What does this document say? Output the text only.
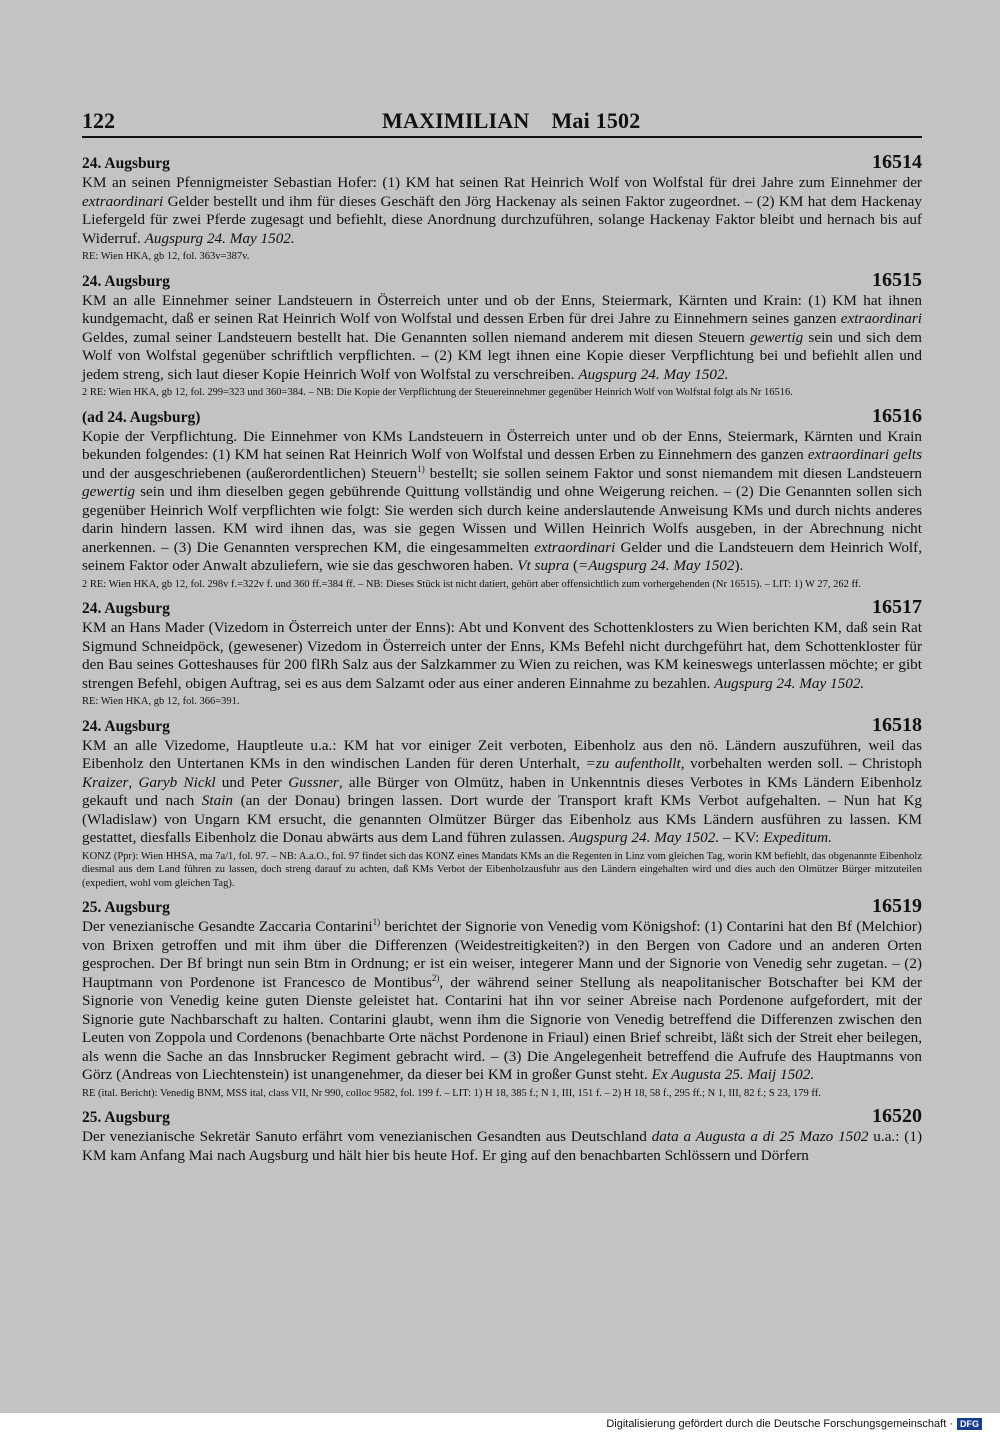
122	MAXIMILIAN Mai 1502
24. Augsburg	16514
KM an seinen Pfennigmeister Sebastian Hofer: (1) KM hat seinen Rat Heinrich Wolf von Wolfstal für drei Jahre zum Einnehmer der extraordinari Gelder bestellt und ihm für dieses Geschäft den Jörg Hackenay als seinen Faktor zugeordnet. – (2) KM hat dem Hackenay Liefergeld für zwei Pferde zugesagt und befiehlt, diese Anordnung durchzuführen, solange Hackenay Faktor bleibt und hernach bis auf Widerruf. Augspurg 24. May 1502.
RE: Wien HKA, gb 12, fol. 363v=387v.
24. Augsburg	16515
KM an alle Einnehmer seiner Landsteuern in Österreich unter und ob der Enns, Steiermark, Kärnten und Krain: (1) KM hat ihnen kundgemacht, daß er seinen Rat Heinrich Wolf von Wolfstal und dessen Erben für drei Jahre zu Einnehmern seines ganzen extraordinari Geldes, zumal seiner Landsteuern bestellt hat. Die Genannten sollen niemand anderem mit diesen Steuern gewertig sein und sich dem Wolf von Wolfstal gegenüber schriftlich verpflichten. – (2) KM legt ihnen eine Kopie dieser Verpflichtung bei und befiehlt allen und jedem streng, sich laut dieser Kopie Heinrich Wolf von Wolfstal zu verschreiben. Augspurg 24. May 1502.
2 RE: Wien HKA, gb 12, fol. 299=323 und 360=384. – NB: Die Kopie der Verpflichtung der Steuereinnehmer gegenüber Heinrich Wolf von Wolfstal folgt als Nr 16516.
(ad 24. Augsburg)	16516
Kopie der Verpflichtung. Die Einnehmer von KMs Landsteuern in Österreich unter und ob der Enns, Steiermark, Kärnten und Krain bekunden folgendes: (1) KM hat seinen Rat Heinrich Wolf von Wolfstal und dessen Erben zu Einnehmern des ganzen extraordinari gelts und der ausgeschriebenen (außerordentlichen) Steuern$^{1)}$ bestellt; sie sollen seinem Faktor und sonst niemandem mit diesen Landsteuern gewertig sein und ihm dieselben gegen gebührende Quittung vollständig und ohne Weigerung reichen. – (2) Die Genannten sollen sich gegenüber Heinrich Wolf verpflichten wie folgt: Sie werden sich durch keine anderslautende Anweisung KMs und durch nichts anderes darin hindern lassen. KM wird ihnen das, was sie gegen Wissen und Willen Heinrich Wolfs ausgeben, in der Abrechnung nicht anerkennen. – (3) Die Genannten versprechen KM, die eingesammelten extraordinari Gelder und die Landsteuern dem Heinrich Wolf, seinem Faktor oder Anwalt abzuliefern, wie sie das geschworen haben. Vt supra (=Augspurg 24. May 1502).
2 RE: Wien HKA, gb 12, fol. 298v f.=322v f. und 360 ff.=384 ff. – NB: Dieses Stück ist nicht datiert, gehört aber offensichtlich zum vorhergehenden (Nr 16515). – LIT: 1) W 27, 262 ff.
24. Augsburg	16517
KM an Hans Mader (Vizedom in Österreich unter der Enns): Abt und Konvent des Schottenklosters zu Wien berichten KM, daß sein Rat Sigmund Schneidpöck, (gewesener) Vizedom in Österreich unter der Enns, KMs Befehl nicht durchgeführt hat, dem Schottenkloster für den Bau seines Gotteshauses für 200 flRh Salz aus der Salzkammer zu Wien zu reichen, was KM keineswegs unterlassen möchte; er gibt strengen Befehl, obigen Auftrag, sei es aus dem Salzamt oder aus einer anderen Einnahme zu bezahlen. Augspurg 24. May 1502.
RE: Wien HKA, gb 12, fol. 366=391.
24. Augsburg	16518
KM an alle Vizedome, Hauptleute u.a.: KM hat vor einiger Zeit verboten, Eibenholz aus den nö. Ländern auszuführen, weil das Eibenholz den Untertanen KMs in den windischen Landen für deren Unterhalt, =zu aufenthollt, vorbehalten werden soll. – Christoph Kraizer, Garyb Nickl und Peter Gussner, alle Bürger von Olmütz, haben in Unkenntnis dieses Verbotes in KMs Ländern Eibenholz gekauft und nach Stain (an der Donau) bringen lassen. Dort wurde der Transport kraft KMs Verbot aufgehalten. – Nun hat Kg (Wladislaw) von Ungarn KM ersucht, die genannten Olmützer Bürger das Eibenholz aus KMs Ländern ausführen zu lassen. KM gestattet, diesfalls Eibenholz die Donau abwärts aus dem Land führen zulassen. Augspurg 24. May 1502. – KV: Expeditum.
KONZ (Ppr): Wien HHSA, ma 7a/1, fol. 97. – NB: A.a.O., fol. 97 findet sich das KONZ eines Mandats KMs an die Regenten in Linz vom gleichen Tag, worin KM befiehlt, das obgenannte Eibenholz diesmal aus dem Land führen zu lassen, doch streng darauf zu achten, daß KMs Verbot der Eibenholzausfuhr aus den Ländern eingehalten wird und dies auch den Olmützer Bürger mitzuteilen (expediert, wohl vom gleichen Tag).
25. Augsburg	16519
Der venezianische Gesandte Zaccaria Contarini$^{1)}$ berichtet der Signorie von Venedig vom Königshof: (1) Contarini hat den Bf (Melchior) von Brixen getroffen und mit ihm über die Differenzen (Weidestreitigkeiten?) in den Bergen von Cadore und an anderen Orten gesprochen. Der Bf bringt nun sein Btm in Ordnung; er ist ein weiser, integerer Mann und der Signorie von Venedig sehr zugetan. – (2) Hauptmann von Pordenone ist Francesco de Montibus$^{2)}$, der während seiner Stellung als neapolitanischer Botschafter bei KM der Signorie von Venedig keine guten Dienste geleistet hat. Contarini hat ihn vor seiner Abreise nach Pordenone aufgefordert, mit der Signorie gute Nachbarschaft zu halten. Contarini glaubt, wenn ihm die Signorie von Venedig betreffend die Differenzen zwischen den Leuten von Zoppola und Cordenons (benachbarte Orte nächst Pordenone in Friaul) einen Brief schreibt, läßt sich der Streit eher beilegen, als wenn die Sache an das Innsbrucker Regiment gebracht wird. – (3) Die Angelegenheit betreffend die Aufrufe des Hauptmanns von Görz (Andreas von Liechtenstein) ist unangenehmer, da dieser bei KM in großer Gunst steht. Ex Augusta 25. Maij 1502.
RE (ital. Bericht): Venedig BNM, MSS ital, class VII, Nr 990, colloc 9582, fol. 199 f. – LIT: 1) H 18, 385 f.; N 1, III, 151 f. – 2) H 18, 58 f., 295 ff.; N 1, III, 82 f.; S 23, 179 ff.
25. Augsburg	16520
Der venezianische Sekretär Sanuto erfährt vom venezianischen Gesandten aus Deutschland data a Augusta a di 25 Mazo 1502 u.a.: (1) KM kam Anfang Mai nach Augsburg und hält hier bis heute Hof. Er ging auf den benachbarten Schlössern und Dörfern
Digitalisierung gefördert durch die Deutsche Forschungsgemeinschaft · DFG
